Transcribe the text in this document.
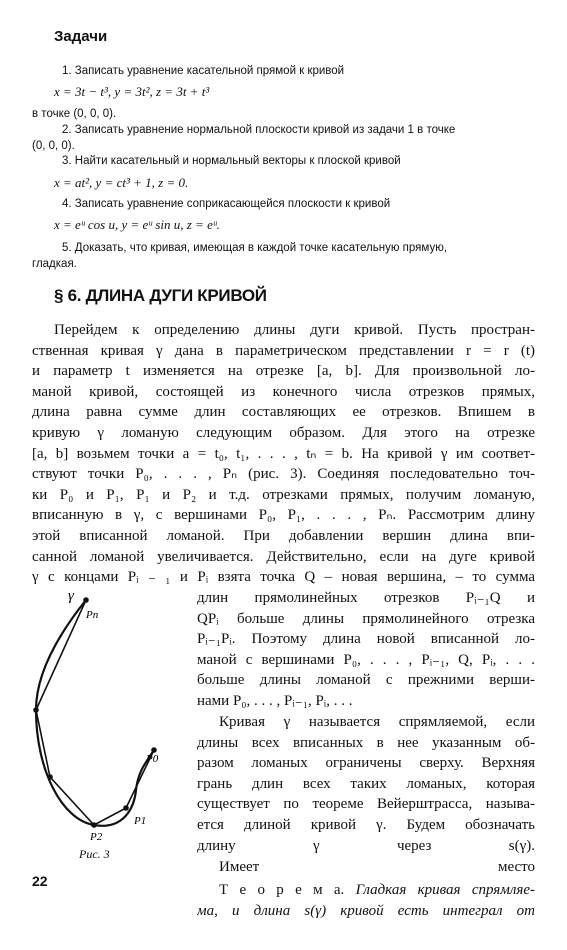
Задачи
1. Записать уравнение касательной прямой к кривой
x = 3t − t³, y = 3t², z = 3t + t³
в точке (0, 0, 0).
2. Записать уравнение нормальной плоскости кривой из задачи 1 в точке
(0, 0, 0).
3. Найти касательный и нормальный векторы к плоской кривой
x = at², y = ct³ + 1, z = 0.
4. Записать уравнение соприкасающейся плоскости к кривой
x = eᵘ cos u, y = eᵘ sin u, z = eᵘ.
5. Доказать, что кривая, имеющая в каждой точке касательную прямую,
гладкая.
§ 6. ДЛИНА ДУГИ КРИВОЙ
Перейдем к определению длины дуги кривой. Пусть простран-
ственная кривая γ дана в параметрическом представлении r = r (t)
и параметр t изменяется на отрезке [a, b]. Для произвольной ло-
маной кривой, состоящей из конечного числа отрезков прямых,
длина равна сумме длин составляющих ее отрезков. Впишем в
кривую γ ломаную следующим образом. Для этого на отрезке
[a, b] возьмем точки a = t₀, t₁, . . . , tₙ = b. На кривой γ им соответ-
ствуют точки P₀, . . . , Pₙ (рис. 3). Соединяя последовательно точ-
ки P₀ и P₁, P₁ и P₂ и т.д. отрезками прямых, получим ломаную,
вписанную в γ, с вершинами P₀, P₁, . . . , Pₙ. Рассмотрим длину
этой вписанной ломаной. При добавлении вершин длина впи-
санной ломаной увеличивается. Действительно, если на дуге кривой
γ с концами Pᵢ ₋ ₁ и Pᵢ взята точка Q – новая вершина, – то сумма
длин прямолинейных отрезков Pᵢ₋₁Q и
QPᵢ больше длины прямолинейного отрезка
Pᵢ₋₁Pᵢ. Поэтому длина новой вписанной ло-
маной с вершинами P₀, . . . , Pᵢ₋₁, Q, Pᵢ, . . .
больше длины ломаной с прежними верши-
нами P₀, . . . , Pᵢ₋₁, Pᵢ, . . .
Кривая γ называется спрямляемой, если
длины всех вписанных в нее указанным об-
разом ломаных ограничены сверху. Верхняя
грань длин всех таких ломаных, которая
существует по теореме Вейерштрасса, называ-
ется длиной кривой γ. Будем обозначать
длину γ через s(γ).
Имеет место
Т е о р е м а. Гладкая кривая спрямляе-
ма, и длина s(γ) кривой есть интеграл от
γ
Pn
P0
P1
P2
Рис. 3
22
